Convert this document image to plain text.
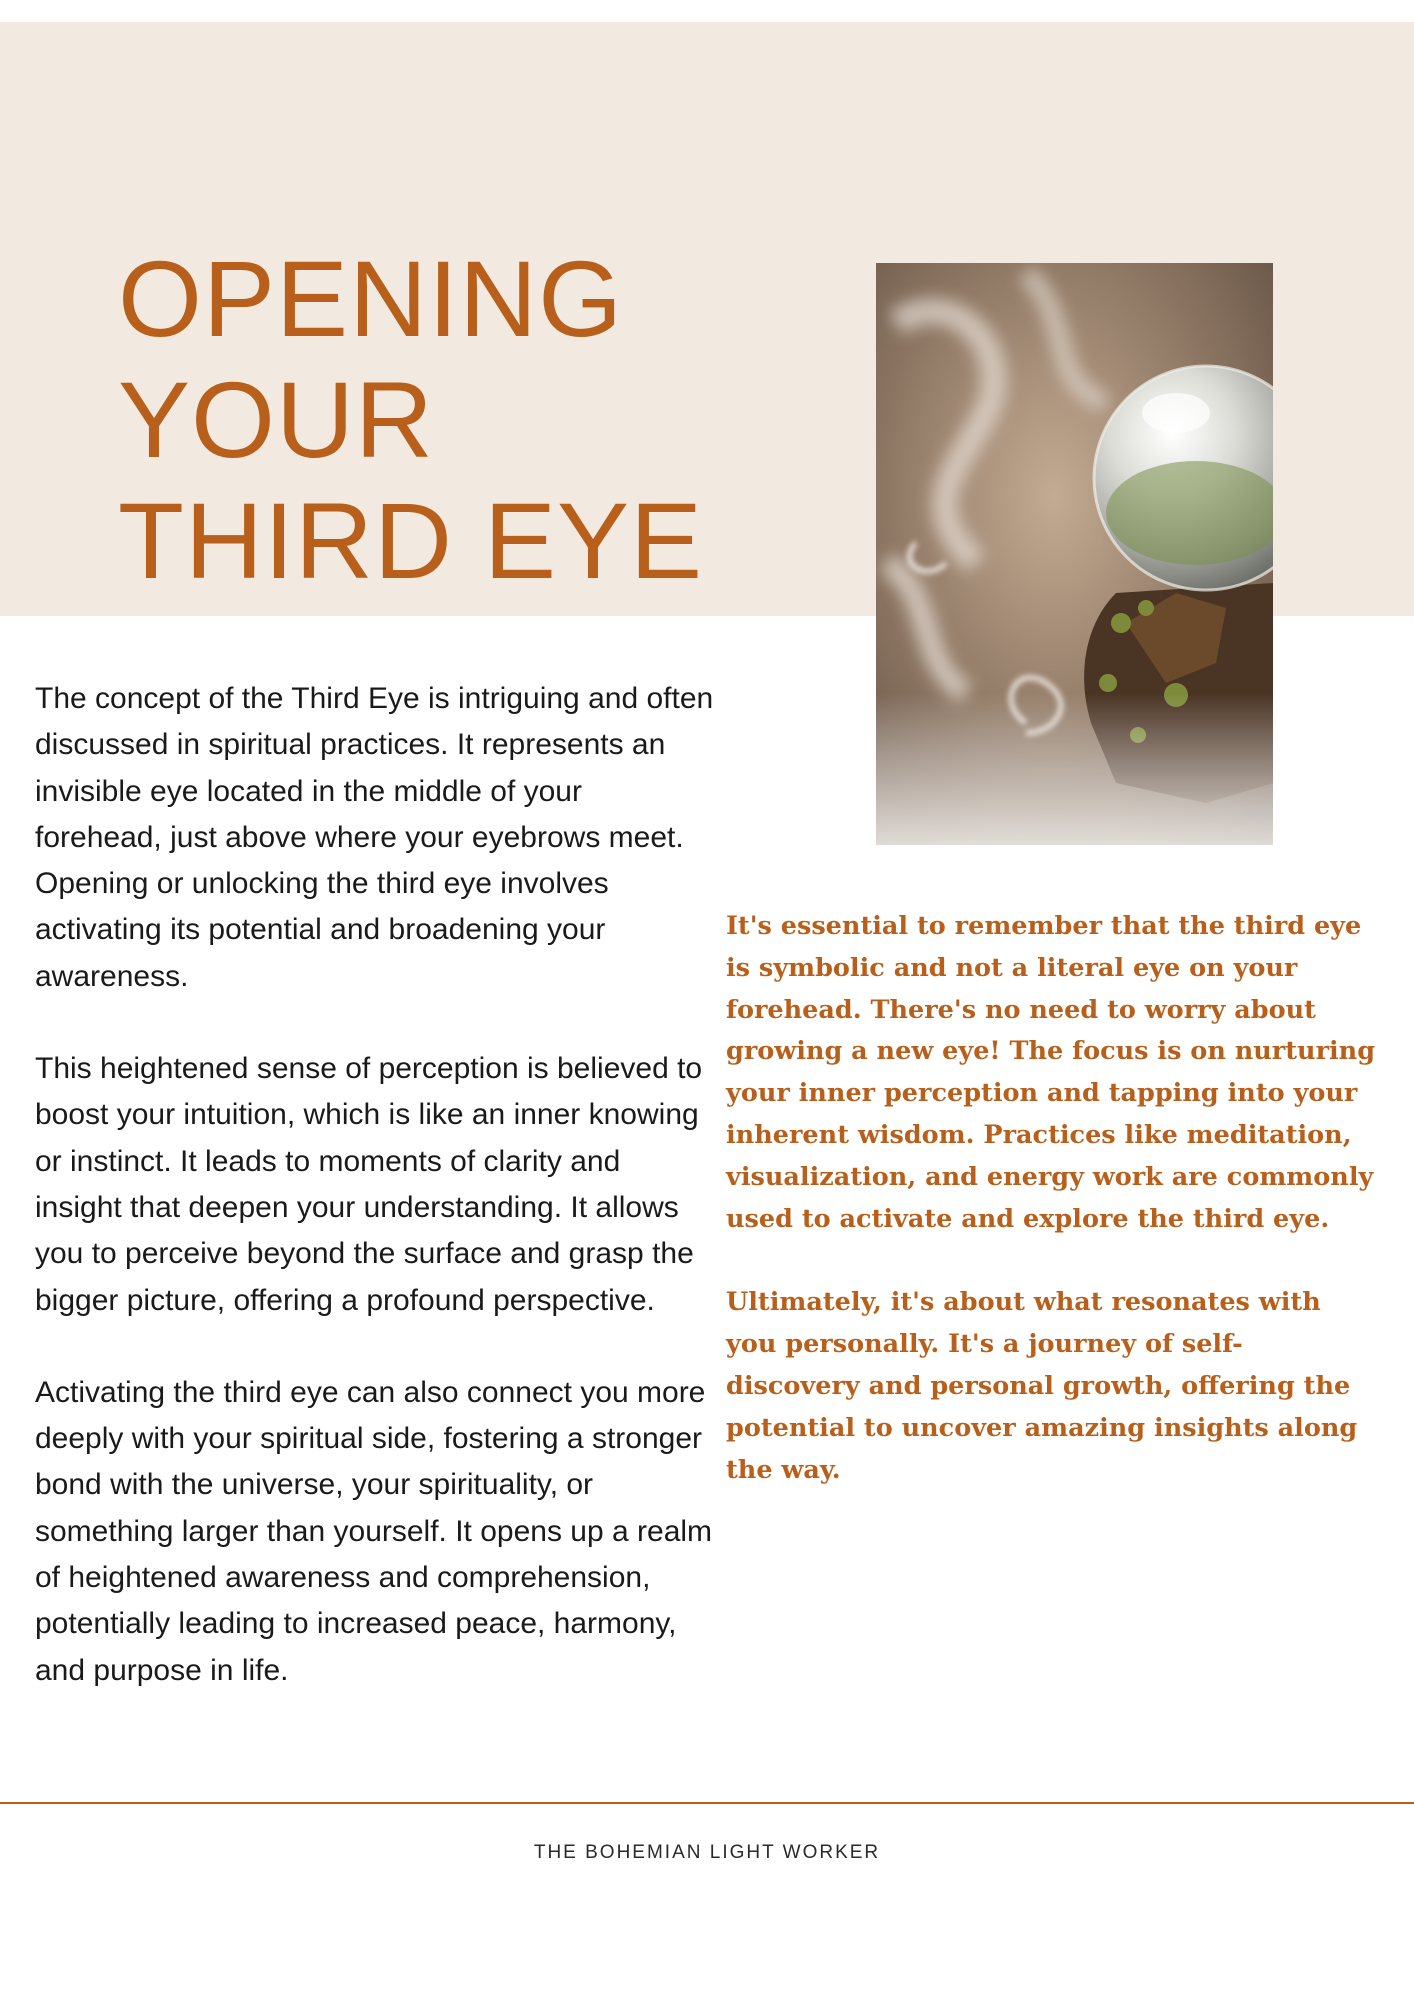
OPENING
YOUR
THIRD EYE

The concept of the Third Eye is intriguing and often discussed in spiritual practices. It represents an invisible eye located in the middle of your forehead, just above where your eyebrows meet. Opening or unlocking the third eye involves activating its potential and broadening your awareness.

This heightened sense of perception is believed to boost your intuition, which is like an inner knowing or instinct. It leads to moments of clarity and insight that deepen your understanding. It allows you to perceive beyond the surface and grasp the bigger picture, offering a profound perspective.

Activating the third eye can also connect you more deeply with your spiritual side, fostering a stronger bond with the universe, your spirituality, or something larger than yourself. It opens up a realm of heightened awareness and comprehension, potentially leading to increased peace, harmony, and purpose in life.

It's essential to remember that the third eye is symbolic and not a literal eye on your forehead. There's no need to worry about growing a new eye! The focus is on nurturing your inner perception and tapping into your inherent wisdom. Practices like meditation, visualization, and energy work are commonly used to activate and explore the third eye.

Ultimately, it's about what resonates with you personally. It's a journey of self-discovery and personal growth, offering the potential to uncover amazing insights along the way.

THE BOHEMIAN LIGHT WORKER
